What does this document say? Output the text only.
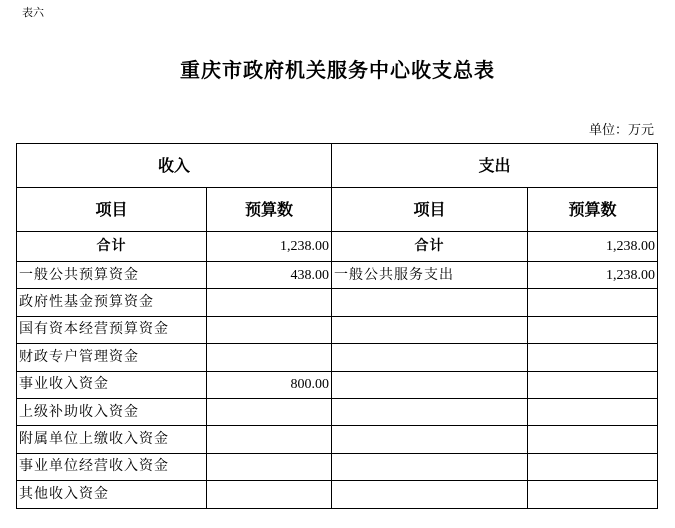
表六
重庆市政府机关服务中心收支总表
单位：万元
收入		支出	
项目	预算数	项目	预算数
合计	1,238.00	合计	1,238.00
一般公共预算资金	438.00	一般公共服务支出	1,238.00
政府性基金预算资金			
国有资本经营预算资金			
财政专户管理资金			
事业收入资金	800.00		
上级补助收入资金			
附属单位上缴收入资金			
事业单位经营收入资金			
其他收入资金			
